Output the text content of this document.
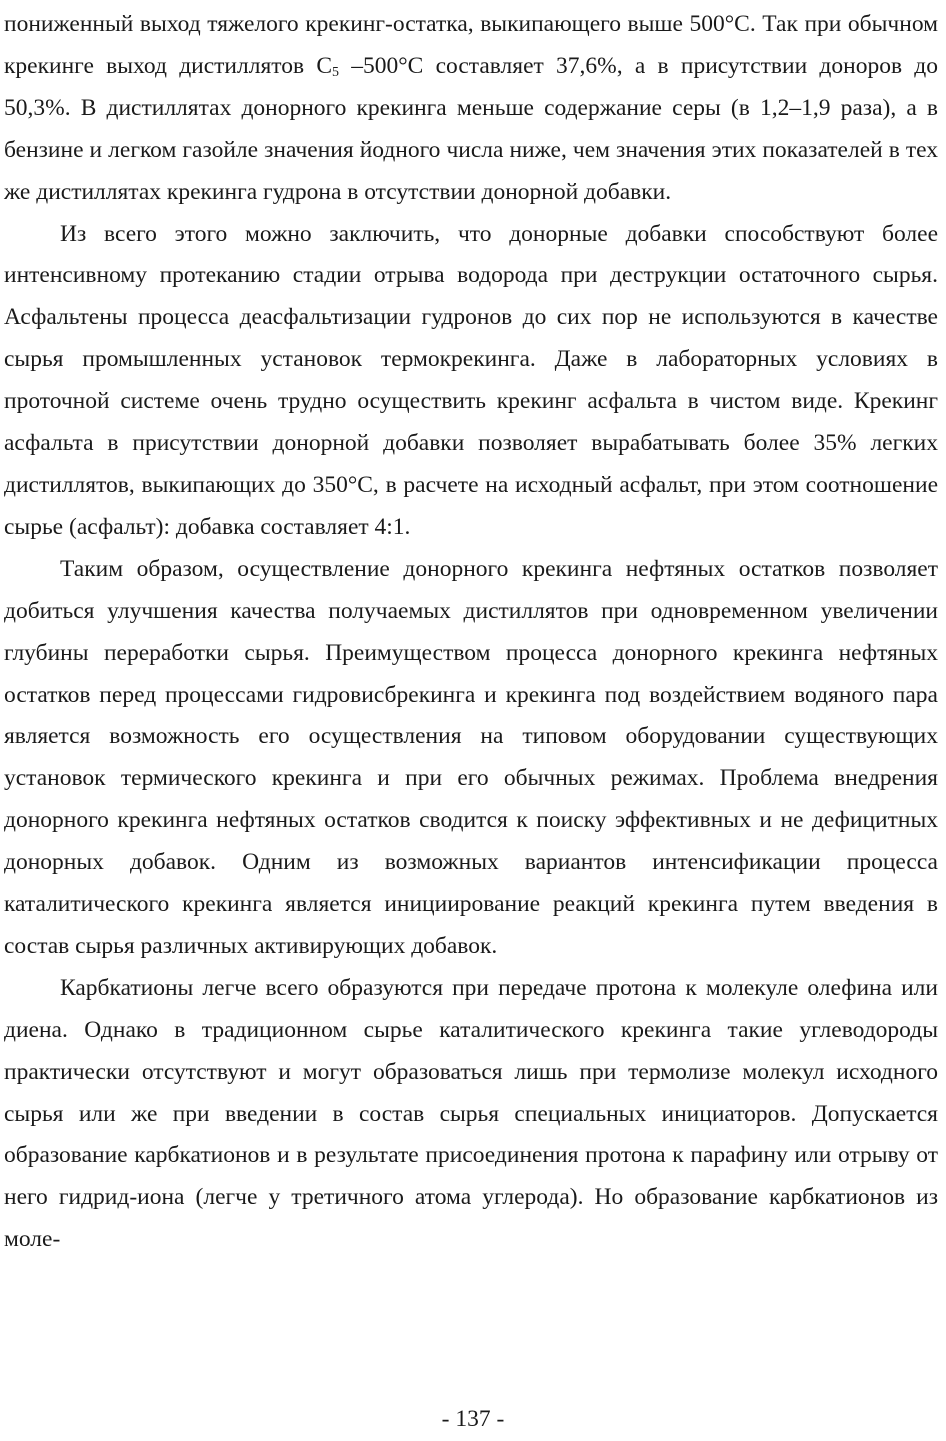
пониженный выход тяжелого крекинг-остатка, выкипающего выше 500°С. Так при обычном крекинге выход дистиллятов $С_5$ –500°С составляет 37,6%, а в присутствии доноров до 50,3%. В дистиллятах донорного крекинга меньше содержание серы (в 1,2–1,9 раза), а в бензине и легком газойле значения йодного числа ниже, чем значения этих показателей в тех же дистиллятах крекинга гудрона в отсутствии донорной добавки.

Из всего этого можно заключить, что донорные добавки способствуют более интенсивному протеканию стадии отрыва водорода при деструкции остаточного сырья. Асфальтены процесса деасфальтизации гудронов до сих пор не используются в качестве сырья промышленных установок термокрекинга. Даже в лабораторных условиях в проточной системе очень трудно осуществить крекинг асфальта в чистом виде. Крекинг асфальта в присутствии донорной добавки позволяет вырабатывать более 35% легких дистиллятов, выкипающих до 350°С, в расчете на исходный асфальт, при этом соотношение сырье (асфальт): добавка составляет 4:1.

Таким образом, осуществление донорного крекинга нефтяных остатков позволяет добиться улучшения качества получаемых дистиллятов при одновременном увеличении глубины переработки сырья. Преимуществом процесса донорного крекинга нефтяных остатков перед процессами гидровисбрекинга и крекинга под воздействием водяного пара является возможность его осуществления на типовом оборудовании существующих установок термического крекинга и при его обычных режимах. Проблема внедрения донорного крекинга нефтяных остатков сводится к поиску эффективных и не дефицитных донорных добавок. Одним из возможных вариантов интенсификации процесса каталитического крекинга является инициирование реакций крекинга путем введения в состав сырья различных активирующих добавок.

Карбкатионы легче всего образуются при передаче протона к молекуле олефина или диена. Однако в традиционном сырье каталитического крекинга такие углеводороды практически отсутствуют и могут образоваться лишь при термолизе молекул исходного сырья или же при введении в состав сырья специальных инициаторов. Допускается образование карбкатионов и в результате присоединения протона к парафину или отрыву от него гидрид-иона (легче у третичного атома углерода). Но образование карбкатионов из моле-

- 137 -
